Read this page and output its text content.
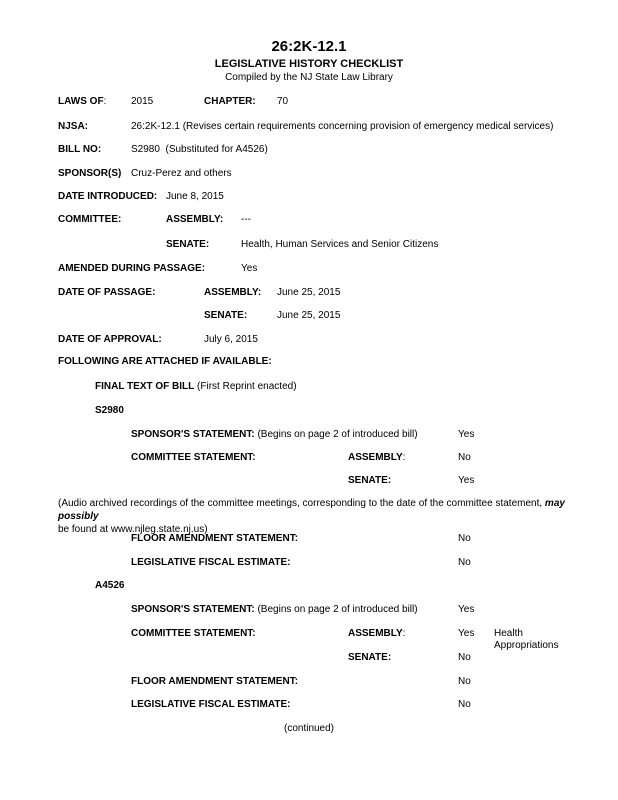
26:2K-12.1
LEGISLATIVE HISTORY CHECKLIST
Compiled by the NJ State Law Library
LAWS OF: 2015	CHAPTER: 70
NJSA:	26:2K-12.1 (Revises certain requirements concerning provision of emergency medical services)
BILL NO:	S2980 (Substituted for A4526)
SPONSOR(S) Cruz-Perez and others
DATE INTRODUCED: June 8, 2015
COMMITTEE:	ASSEMBLY: ---
SENATE:	Health, Human Services and Senior Citizens
AMENDED DURING PASSAGE:	Yes
DATE OF PASSAGE:	ASSEMBLY: June 25, 2015
SENATE:	June 25, 2015
DATE OF APPROVAL:	July 6, 2015
FOLLOWING ARE ATTACHED IF AVAILABLE:
FINAL TEXT OF BILL (First Reprint enacted)
S2980
SPONSOR'S STATEMENT: (Begins on page 2 of introduced bill)	Yes
COMMITTEE STATEMENT:	ASSEMBLY:	No
SENATE:	Yes
(Audio archived recordings of the committee meetings, corresponding to the date of the committee statement, may possibly
be found at www.njleg.state.nj.us)
FLOOR AMENDMENT STATEMENT:	No
LEGISLATIVE FISCAL ESTIMATE:	No
A4526
SPONSOR'S STATEMENT: (Begins on page 2 of introduced bill)	Yes
COMMITTEE STATEMENT:	ASSEMBLY:	Yes Health
Appropriations
SENATE:	No
FLOOR AMENDMENT STATEMENT:	No
LEGISLATIVE FISCAL ESTIMATE:	No
(continued)
